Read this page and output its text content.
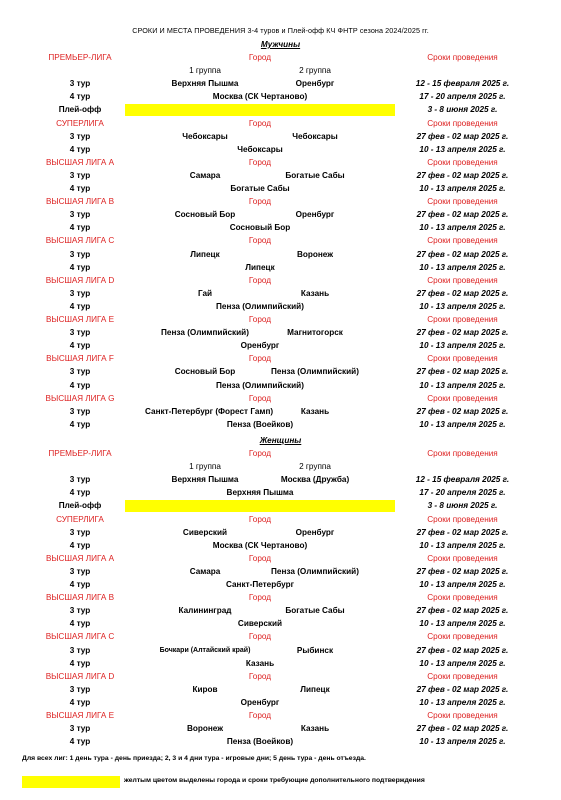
СРОКИ И МЕСТА ПРОВЕДЕНИЯ 3-4 туров и Плей-офф КЧ ФНТР сезона 2024/2025 гг.
Мужчины
ПРЕМЬЕР-ЛИГА	Город	Сроки проведения
1 группа	2 группа
3 тур	Верхняя Пышма	Оренбург	12 - 15 февраля 2025 г.
4 тур	Москва (СК Чертаново)	17 - 20 апреля 2025 г.
Плей-офф	3 - 8 июня 2025 г.
СУПЕРЛИГА	Город	Сроки проведения
3 тур	Чебоксары	Чебоксары	27 фев - 02 мар 2025 г.
4 тур	Чебоксары	10 - 13 апреля 2025 г.
ВЫСШАЯ ЛИГА А	Город	Сроки проведения
3 тур	Самара	Богатые Сабы	27 фев - 02 мар 2025 г.
4 тур	Богатые Сабы	10 - 13 апреля 2025 г.
ВЫСШАЯ ЛИГА В	Город	Сроки проведения
3 тур	Сосновый Бор	Оренбург	27 фев - 02 мар 2025 г.
4 тур	Сосновый Бор	10 - 13 апреля 2025 г.
ВЫСШАЯ ЛИГА С	Город	Сроки проведения
3 тур	Липецк	Воронеж	27 фев - 02 мар 2025 г.
4 тур	Липецк	10 - 13 апреля 2025 г.
ВЫСШАЯ ЛИГА D	Город	Сроки проведения
3 тур	Гай	Казань	27 фев - 02 мар 2025 г.
4 тур	Пенза (Олимпийский)	10 - 13 апреля 2025 г.
ВЫСШАЯ ЛИГА Е	Город	Сроки проведения
3 тур	Пенза (Олимпийский)	Магнитогорск	27 фев - 02 мар 2025 г.
4 тур	Оренбург	10 - 13 апреля 2025 г.
ВЫСШАЯ ЛИГА F	Город	Сроки проведения
3 тур	Сосновый Бор	Пенза (Олимпийский)	27 фев - 02 мар 2025 г.
4 тур	Пенза (Олимпийский)	10 - 13 апреля 2025 г.
ВЫСШАЯ ЛИГА G	Город	Сроки проведения
3 тур	Санкт-Петербург (Форест Гамп)	Казань	27 фев - 02 мар 2025 г.
4 тур	Пенза (Воейков)	10 - 13 апреля 2025 г.
Женщины
ПРЕМЬЕР-ЛИГА	Город	Сроки проведения
1 группа	2 группа
3 тур	Верхняя Пышма	Москва (Дружба)	12 - 15 февраля 2025 г.
4 тур	Верхняя Пышма	17 - 20 апреля 2025 г.
Плей-офф	3 - 8 июня 2025 г.
СУПЕРЛИГА	Город	Сроки проведения
3 тур	Сиверский	Оренбург	27 фев - 02 мар 2025 г.
4 тур	Москва (СК Чертаново)	10 - 13 апреля 2025 г.
ВЫСШАЯ ЛИГА А	Город	Сроки проведения
3 тур	Самара	Пенза (Олимпийский)	27 фев - 02 мар 2025 г.
4 тур	Санкт-Петербург	10 - 13 апреля 2025 г.
ВЫСШАЯ ЛИГА В	Город	Сроки проведения
3 тур	Калининград	Богатые Сабы	27 фев - 02 мар 2025 г.
4 тур	Сиверский	10 - 13 апреля 2025 г.
ВЫСШАЯ ЛИГА С	Город	Сроки проведения
3 тур	Бочкари (Алтайский край)	Рыбинск	27 фев - 02 мар 2025 г.
4 тур	Казань	10 - 13 апреля 2025 г.
ВЫСШАЯ ЛИГА D	Город	Сроки проведения
3 тур	Киров	Липецк	27 фев - 02 мар 2025 г.
4 тур	Оренбург	10 - 13 апреля 2025 г.
ВЫСШАЯ ЛИГА Е	Город	Сроки проведения
3 тур	Воронеж	Казань	27 фев - 02 мар 2025 г.
4 тур	Пенза (Воейков)	10 - 13 апреля 2025 г.
Для всех лиг: 1 день тура - день приезда; 2, 3 и 4 дни тура - игровые дни; 5 день тура - день отъезда.
желтым цветом выделены города и сроки требующие дополнительного подтверждения
